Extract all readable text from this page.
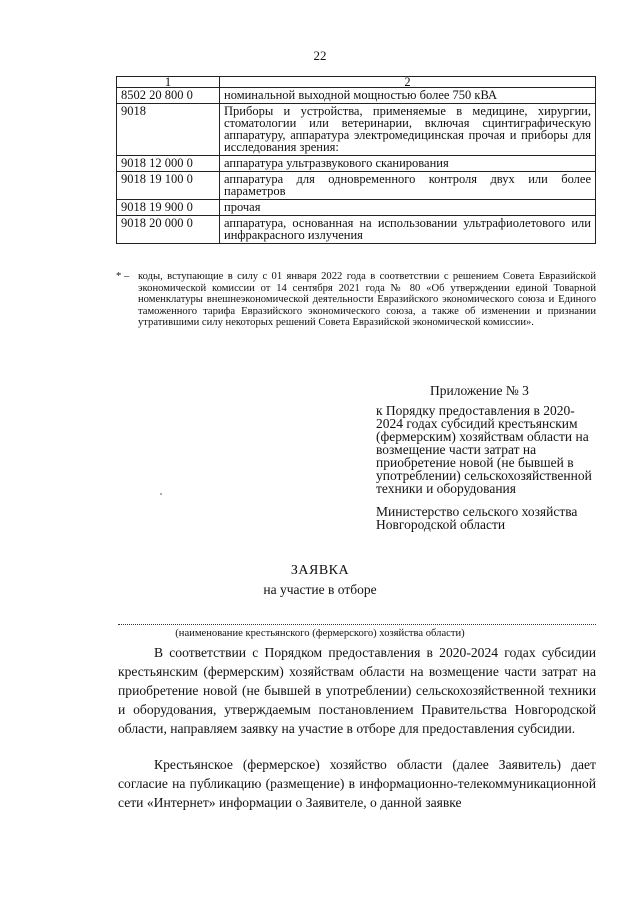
22
1	2
8502 20 800 0	номинальной выходной мощностью более 750 кВА
9018	Приборы и устройства, применяемые в медицине, хирургии, стоматологии или ветеринарии, включая сцинтиграфическую аппаратуру, аппаратура электромедицинская прочая и приборы для исследования зрения:
9018 12 000 0	аппаратура ультразвукового сканирования
9018 19 100 0	аппаратура для одновременного контроля двух или более параметров
9018 19 900 0	прочая
9018 20 000 0	аппаратура, основанная на использовании ультрафиолетового или инфракрасного излучения
* – коды, вступающие в силу с 01 января 2022 года в соответствии с решением Совета Евразийской экономической комиссии от 14 сентября 2021 года № 80 «Об утверждении единой Товарной номенклатуры внешнеэкономической деятельности Евразийского экономического союза и Единого таможенного тарифа Евразийского экономического союза, а также об изменении и признании утратившими силу некоторых решений Совета Евразийской экономической комиссии».
Приложение № 3
к Порядку предоставления в 2020-2024 годах субсидий крестьянским (фермерским) хозяйствам области на возмещение части затрат на приобретение новой (не бывшей в употреблении) сельскохозяйственной техники и оборудования
Министерство сельского хозяйства Новгородской области
ЗАЯВКА
на участие в отборе
(наименование крестьянского (фермерского) хозяйства области)

В соответствии с Порядком предоставления в 2020-2024 годах субсидии крестьянским (фермерским) хозяйствам области на возмещение части затрат на приобретение новой (не бывшей в употреблении) сельскохозяйственной техники и оборудования, утверждаемым постановлением Правительства Новгородской области, направляем заявку на участие в отборе для предоставления субсидии.

Крестьянское (фермерское) хозяйство области (далее Заявитель) дает согласие на публикацию (размещение) в информационно-телекоммуникационной сети «Интернет» информации о Заявителе, о данной заявке
